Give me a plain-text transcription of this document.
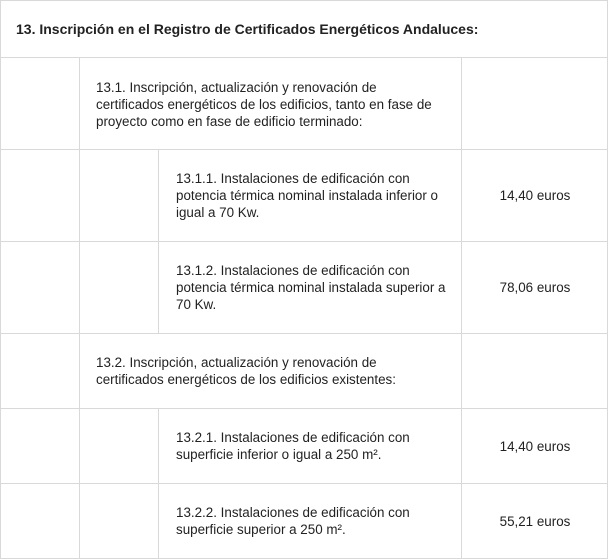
13. Inscripción en el Registro de Certificados Energéticos Andaluces:
13.1. Inscripción, actualización y renovación de certificados energéticos de los edificios, tanto en fase de proyecto como en fase de edificio terminado:
13.1.1. Instalaciones de edificación con potencia térmica nominal instalada inferior o igual a 70 Kw.
14,40 euros
13.1.2. Instalaciones de edificación con potencia térmica nominal instalada superior a 70 Kw.
78,06 euros
13.2. Inscripción, actualización y renovación de certificados energéticos de los edificios existentes:
13.2.1. Instalaciones de edificación con superficie inferior o igual a 250 m².
14,40 euros
13.2.2. Instalaciones de edificación con superficie superior a 250 m².
55,21 euros
